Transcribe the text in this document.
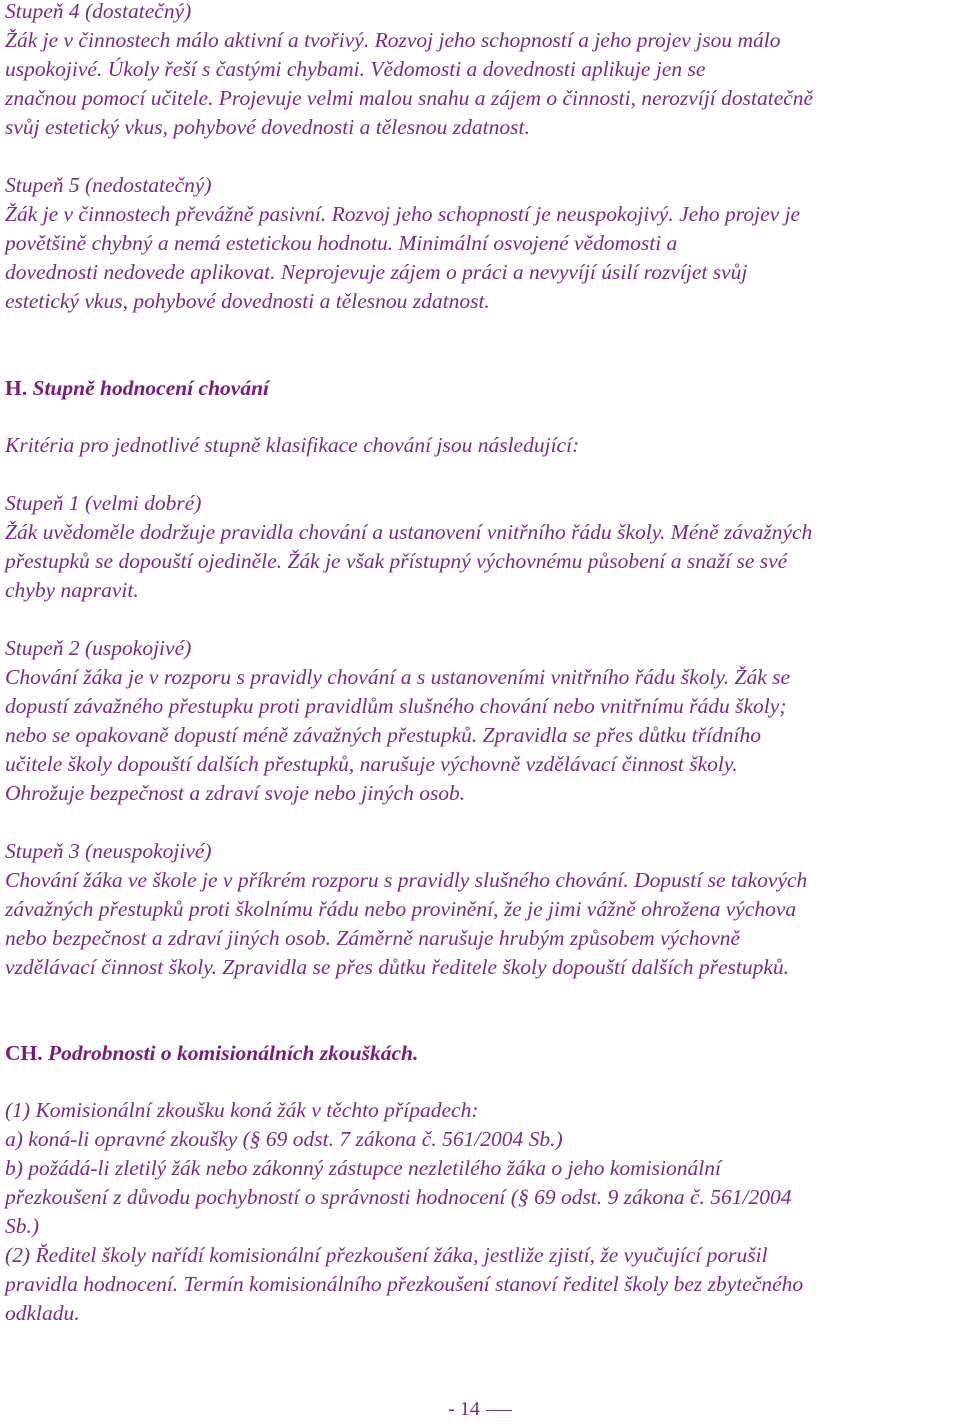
Stupeň 4 (dostatečný)
Žák je v činnostech málo aktivní a tvořivý. Rozvoj jeho schopností a jeho projev jsou málo
uspokojivé. Úkoly řeší s častými chybami. Vědomosti a dovednosti aplikuje jen se
značnou pomocí učitele. Projevuje velmi malou snahu a zájem o činnosti, nerozvíjí dostatečně
svůj estetický vkus, pohybové dovednosti a tělesnou zdatnost.
Stupeň 5 (nedostatečný)
Žák je v činnostech převážně pasivní. Rozvoj jeho schopností je neuspokojivý. Jeho projev je
povětšině chybný a nemá estetickou hodnotu. Minimální osvojené vědomosti a
dovednosti nedovede aplikovat. Neprojevuje zájem o práci a nevyvíjí úsilí rozvíjet svůj
estetický vkus, pohybové dovednosti a tělesnou zdatnost.
H. Stupně hodnocení chování
Kritéria pro jednotlivé stupně klasifikace chování jsou následující:
Stupeň 1 (velmi dobré)
Žák uvědoměle dodržuje pravidla chování a ustanovení vnitřního řádu školy. Méně závažných
přestupků se dopouští ojediněle. Žák je však přístupný výchovnému působení a snaží se své
chyby napravit.
Stupeň 2 (uspokojivé)
Chování žáka je v rozporu s pravidly chování a s ustanoveními vnitřního řádu školy. Žák se
dopustí závažného přestupku proti pravidlům slušného chování nebo vnitřnímu řádu školy;
nebo se opakovaně dopustí méně závažných přestupků. Zpravidla se přes důtku třídního
učitele školy dopouští dalších přestupků, narušuje výchovně vzdělávací činnost školy.
Ohrožuje bezpečnost a zdraví svoje nebo jiných osob.
Stupeň 3 (neuspokojivé)
Chování žáka ve škole je v příkrém rozporu s pravidly slušného chování. Dopustí se takových
závažných přestupků proti školnímu řádu nebo provinění, že je jimi vážně ohrožena výchova
nebo bezpečnost a zdraví jiných osob. Záměrně narušuje hrubým způsobem výchovně
vzdělávací činnost školy. Zpravidla se přes důtku ředitele školy dopouští dalších přestupků.
CH. Podrobnosti o komisionálních zkouškách.
(1) Komisionální zkoušku koná žák v těchto případech:
a) koná-li opravné zkoušky (§ 69 odst. 7 zákona č. 561/2004 Sb.)
b) požádá-li zletilý žák nebo zákonný zástupce nezletilého žáka o jeho komisionální
přezkoušení z důvodu pochybností o správnosti hodnocení (§ 69 odst. 9 zákona č. 561/2004
Sb.)
(2) Ředitel školy nařídí komisionální přezkoušení žáka, jestliže zjistí, že vyučující porušil
pravidla hodnocení. Termín komisionálního přezkoušení stanoví ředitel školy bez zbytečného
odkladu.
- 14
